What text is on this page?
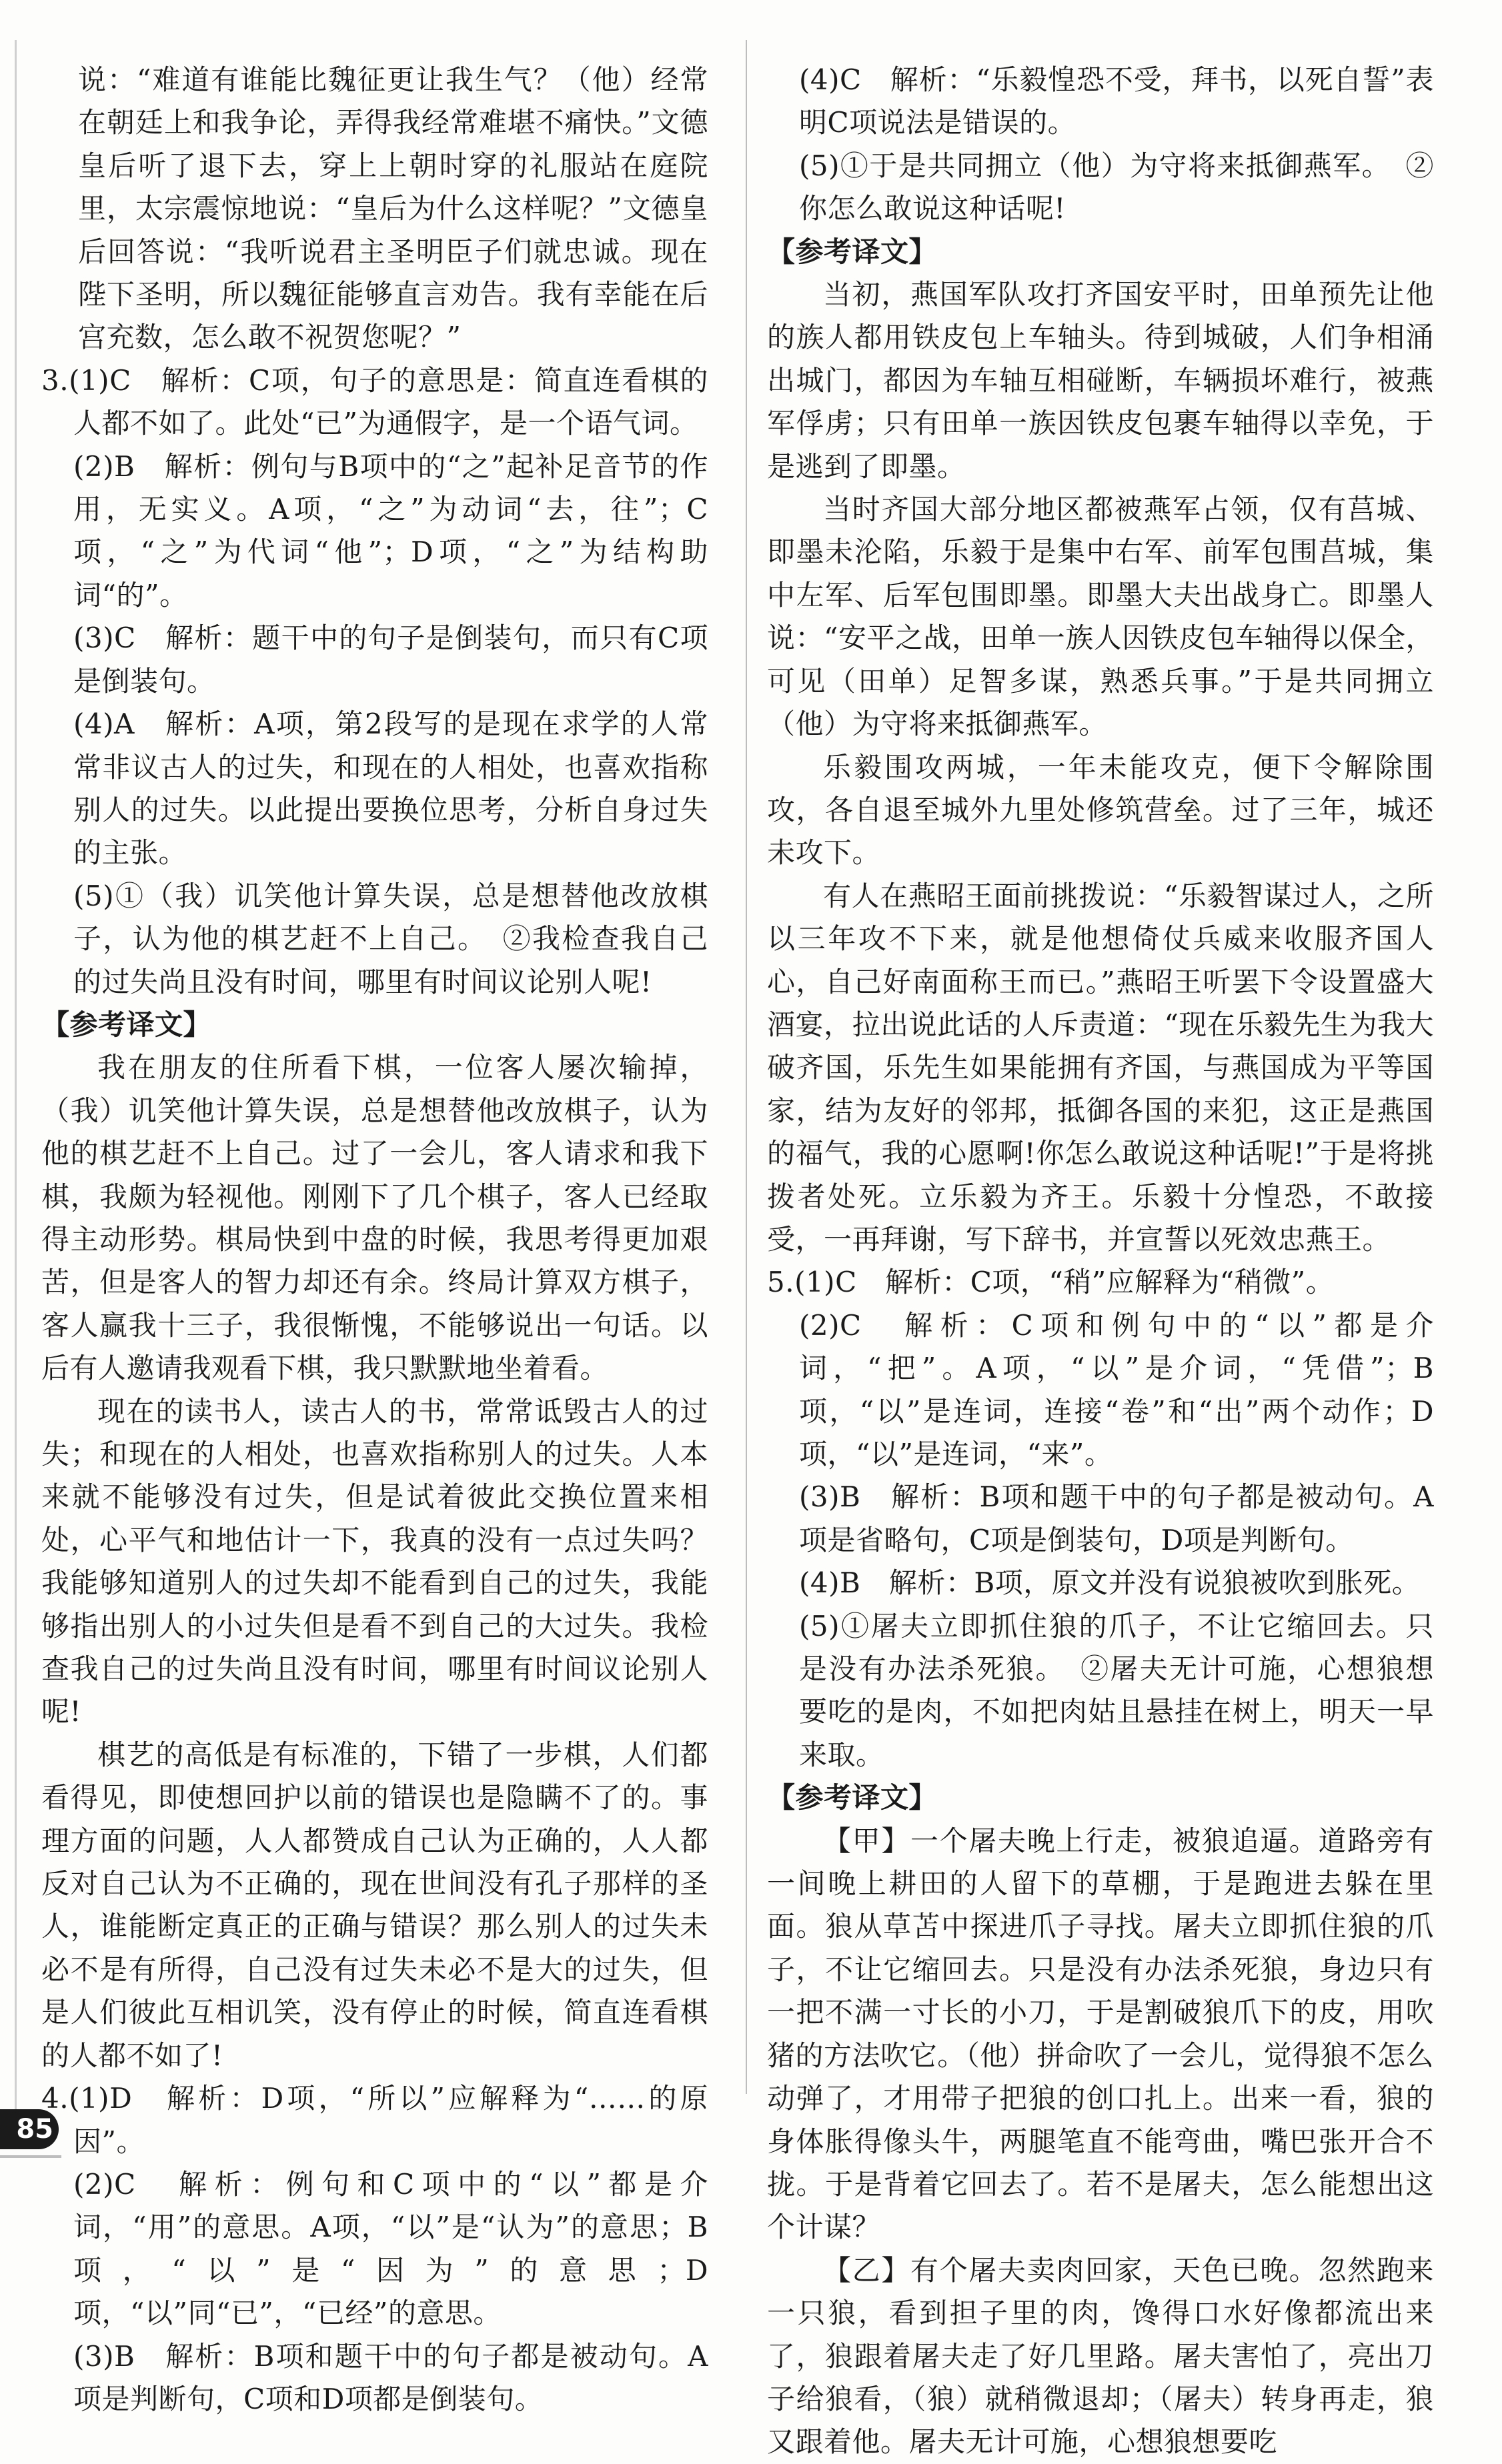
说：“难道有谁能比魏征更让我生气？（他）经常在朝廷上和我争论，弄得我经常难堪不痛快。”文德皇后听了退下去，穿上上朝时穿的礼服站在庭院里，太宗震惊地说：“皇后为什么这样呢？”文德皇后回答说：“我听说君主圣明臣子们就忠诚。现在陛下圣明，所以魏征能够直言劝告。我有幸能在后宫充数，怎么敢不祝贺您呢？”

3.(1)C　解析：C项，句子的意思是：简直连看棋的人都不如了。此处“已”为通假字，是一个语气词。

(2)B　解析：例句与B项中的“之”起补足音节的作用，无实义。A项，“之”为动词“去，往”；C项，“之”为代词“他”；D项，“之”为结构助词“的”。

(3)C　解析：题干中的句子是倒装句，而只有C项是倒装句。

(4)A　解析：A项，第2段写的是现在求学的人常常非议古人的过失，和现在的人相处，也喜欢指称别人的过失。以此提出要换位思考，分析自身过失的主张。

(5)①（我）讥笑他计算失误，总是想替他改放棋子，认为他的棋艺赶不上自己。　②我检查我自己的过失尚且没有时间，哪里有时间议论别人呢!

【参考译文】

我在朋友的住所看下棋，一位客人屡次输掉，（我）讥笑他计算失误，总是想替他改放棋子，认为他的棋艺赶不上自己。过了一会儿，客人请求和我下棋，我颇为轻视他。刚刚下了几个棋子，客人已经取得主动形势。棋局快到中盘的时候，我思考得更加艰苦，但是客人的智力却还有余。终局计算双方棋子，客人赢我十三子，我很惭愧，不能够说出一句话。以后有人邀请我观看下棋，我只默默地坐着看。

现在的读书人，读古人的书，常常诋毁古人的过失；和现在的人相处，也喜欢指称别人的过失。人本来就不能够没有过失，但是试着彼此交换位置来相处，心平气和地估计一下，我真的没有一点过失吗？我能够知道别人的过失却不能看到自己的过失，我能够指出别人的小过失但是看不到自己的大过失。我检查我自己的过失尚且没有时间，哪里有时间议论别人呢!

棋艺的高低是有标准的，下错了一步棋，人们都看得见，即使想回护以前的错误也是隐瞒不了的。事理方面的问题，人人都赞成自己认为正确的，人人都反对自己认为不正确的，现在世间没有孔子那样的圣人，谁能断定真正的正确与错误？那么别人的过失未必不是有所得，自己没有过失未必不是大的过失，但是人们彼此互相讥笑，没有停止的时候，简直连看棋的人都不如了!

4.(1)D　解析：D项，“所以”应解释为“……的原因”。

(2)C　解析：例句和C项中的“以”都是介词，“用”的意思。A项，“以”是“认为”的意思；B项，“以”是“因为”的意思；D项，“以”同“已”，“已经”的意思。

(3)B　解析：B项和题干中的句子都是被动句。A项是判断句，C项和D项都是倒装句。

(4)C　解析：“乐毅惶恐不受，拜书，以死自誓”表明C项说法是错误的。

(5)①于是共同拥立（他）为守将来抵御燕军。　②你怎么敢说这种话呢!

【参考译文】

当初，燕国军队攻打齐国安平时，田单预先让他的族人都用铁皮包上车轴头。待到城破，人们争相涌出城门，都因为车轴互相碰断，车辆损坏难行，被燕军俘虏；只有田单一族因铁皮包裹车轴得以幸免，于是逃到了即墨。

当时齐国大部分地区都被燕军占领，仅有莒城、即墨未沦陷，乐毅于是集中右军、前军包围莒城，集中左军、后军包围即墨。即墨大夫出战身亡。即墨人说：“安平之战，田单一族人因铁皮包车轴得以保全，可见（田单）足智多谋，熟悉兵事。”于是共同拥立（他）为守将来抵御燕军。

乐毅围攻两城，一年未能攻克，便下令解除围攻，各自退至城外九里处修筑营垒。过了三年，城还未攻下。

有人在燕昭王面前挑拨说：“乐毅智谋过人，之所以三年攻不下来，就是他想倚仗兵威来收服齐国人心，自己好南面称王而已。”燕昭王听罢下令设置盛大酒宴，拉出说此话的人斥责道：“现在乐毅先生为我大破齐国，乐先生如果能拥有齐国，与燕国成为平等国家，结为友好的邻邦，抵御各国的来犯，这正是燕国的福气，我的心愿啊!你怎么敢说这种话呢!”于是将挑拨者处死。立乐毅为齐王。乐毅十分惶恐，不敢接受，一再拜谢，写下辞书，并宣誓以死效忠燕王。

5.(1)C　解析：C项，“稍”应解释为“稍微”。

(2)C　解析：C项和例句中的“以”都是介词，“把”。A项，“以”是介词，“凭借”；B项，“以”是连词，连接“卷”和“出”两个动作；D项，“以”是连词，“来”。

(3)B　解析：B项和题干中的句子都是被动句。A项是省略句，C项是倒装句，D项是判断句。

(4)B　解析：B项，原文并没有说狼被吹到胀死。

(5)①屠夫立即抓住狼的爪子，不让它缩回去。只是没有办法杀死狼。　②屠夫无计可施，心想狼想要吃的是肉，不如把肉姑且悬挂在树上，明天一早来取。

【参考译文】

【甲】一个屠夫晚上行走，被狼追逼。道路旁有一间晚上耕田的人留下的草棚，于是跑进去躲在里面。狼从草苫中探进爪子寻找。屠夫立即抓住狼的爪子，不让它缩回去。只是没有办法杀死狼，身边只有一把不满一寸长的小刀，于是割破狼爪下的皮，用吹猪的方法吹它。（他）拼命吹了一会儿，觉得狼不怎么动弹了，才用带子把狼的创口扎上。出来一看，狼的身体胀得像头牛，两腿笔直不能弯曲，嘴巴张开合不拢。于是背着它回去了。若不是屠夫，怎么能想出这个计谋？

【乙】有个屠夫卖肉回家，天色已晚。忽然跑来一只狼，看到担子里的肉，馋得口水好像都流出来了，狼跟着屠夫走了好几里路。屠夫害怕了，亮出刀子给狼看，（狼）就稍微退却；（屠夫）转身再走，狼又跟着他。屠夫无计可施，心想狼想要吃

85
